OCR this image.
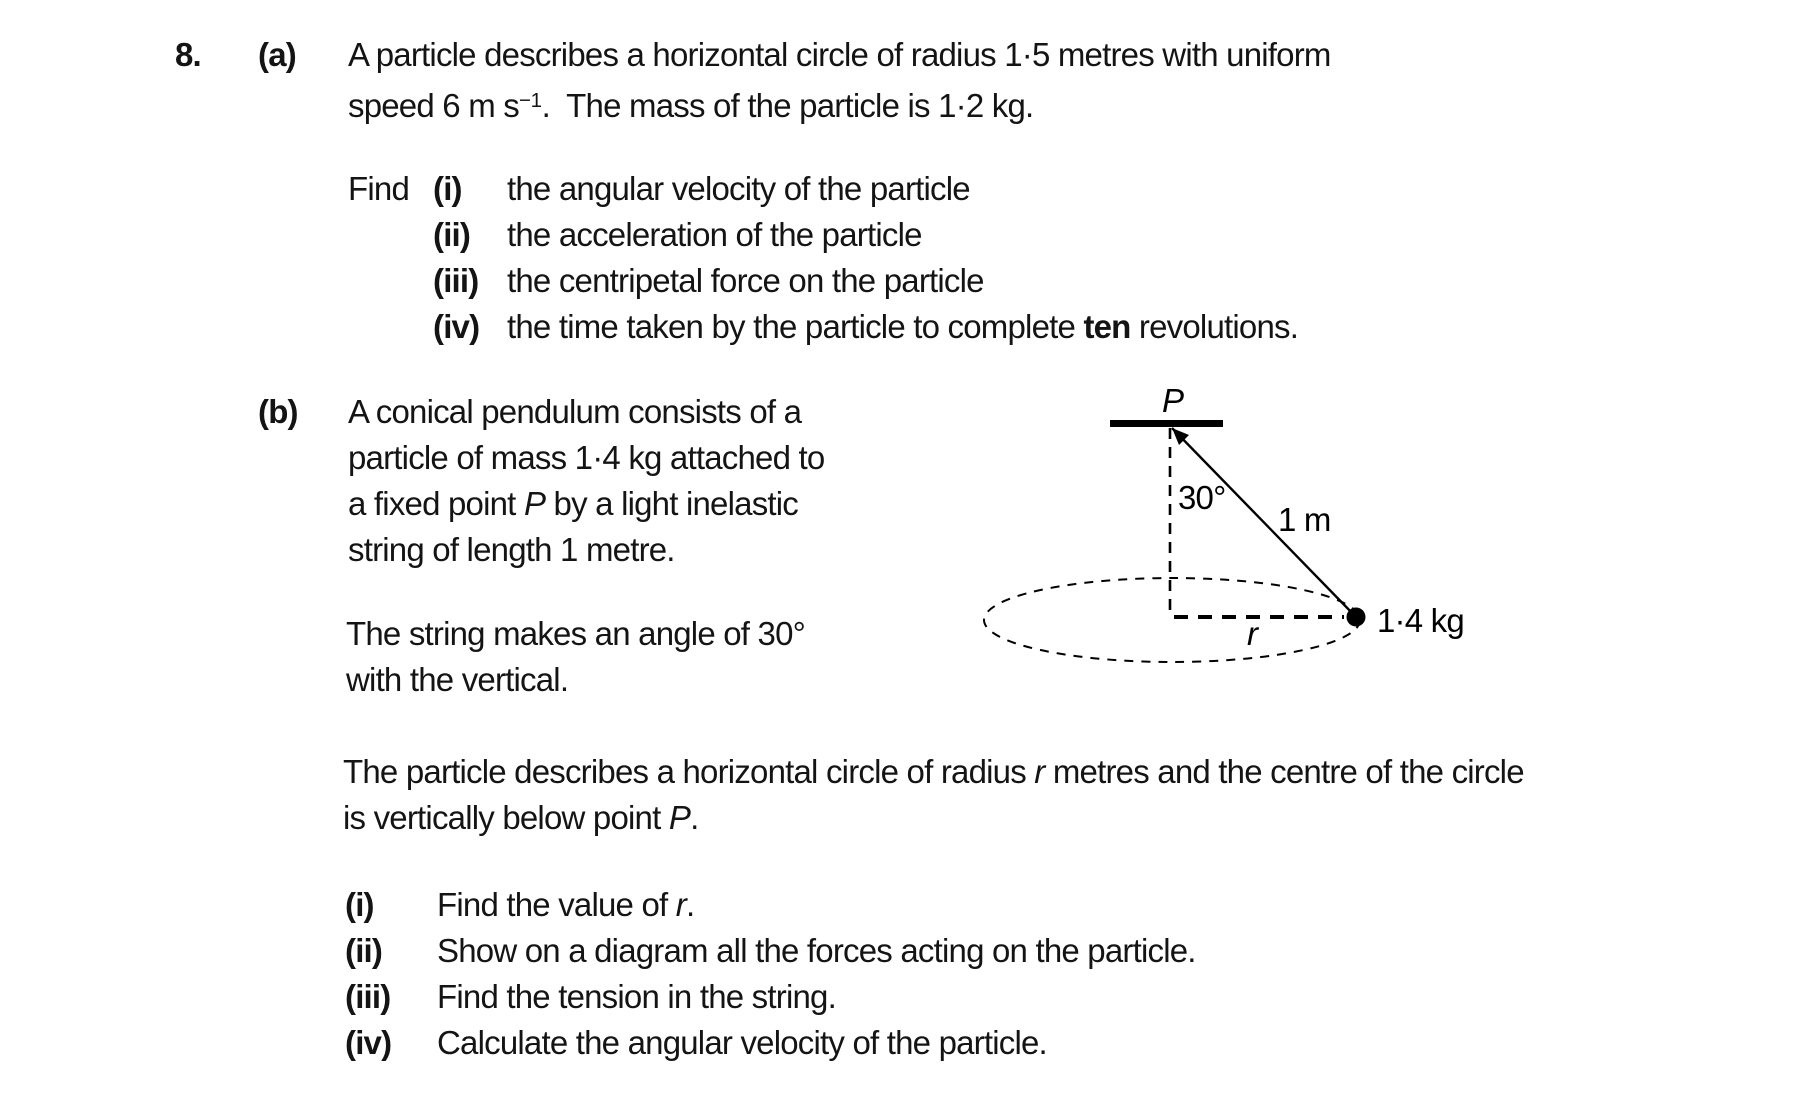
8. (a) A particle describes a horizontal circle of radius 1·5 metres with uniform
speed 6 m $s^{-1}$.  The mass of the particle is 1·2 kg.
Find (i) the angular velocity of the particle
(ii) the acceleration of the particle
(iii) the centripetal force on the particle
(iv) the time taken by the particle to complete ten revolutions.
(b) A conical pendulum consists of a
particle of mass 1·4 kg attached to
a fixed point P by a light inelastic
string of length 1 metre.
The string makes an angle of 30°
with the vertical.
The particle describes a horizontal circle of radius r metres and the centre of the circle
is vertically below point P.
(i) Find the value of r.
(ii) Show on a diagram all the forces acting on the particle.
(iii) Find the tension in the string.
(iv) Calculate the angular velocity of the particle.
P
30°
1 m
r	1·4 kg
